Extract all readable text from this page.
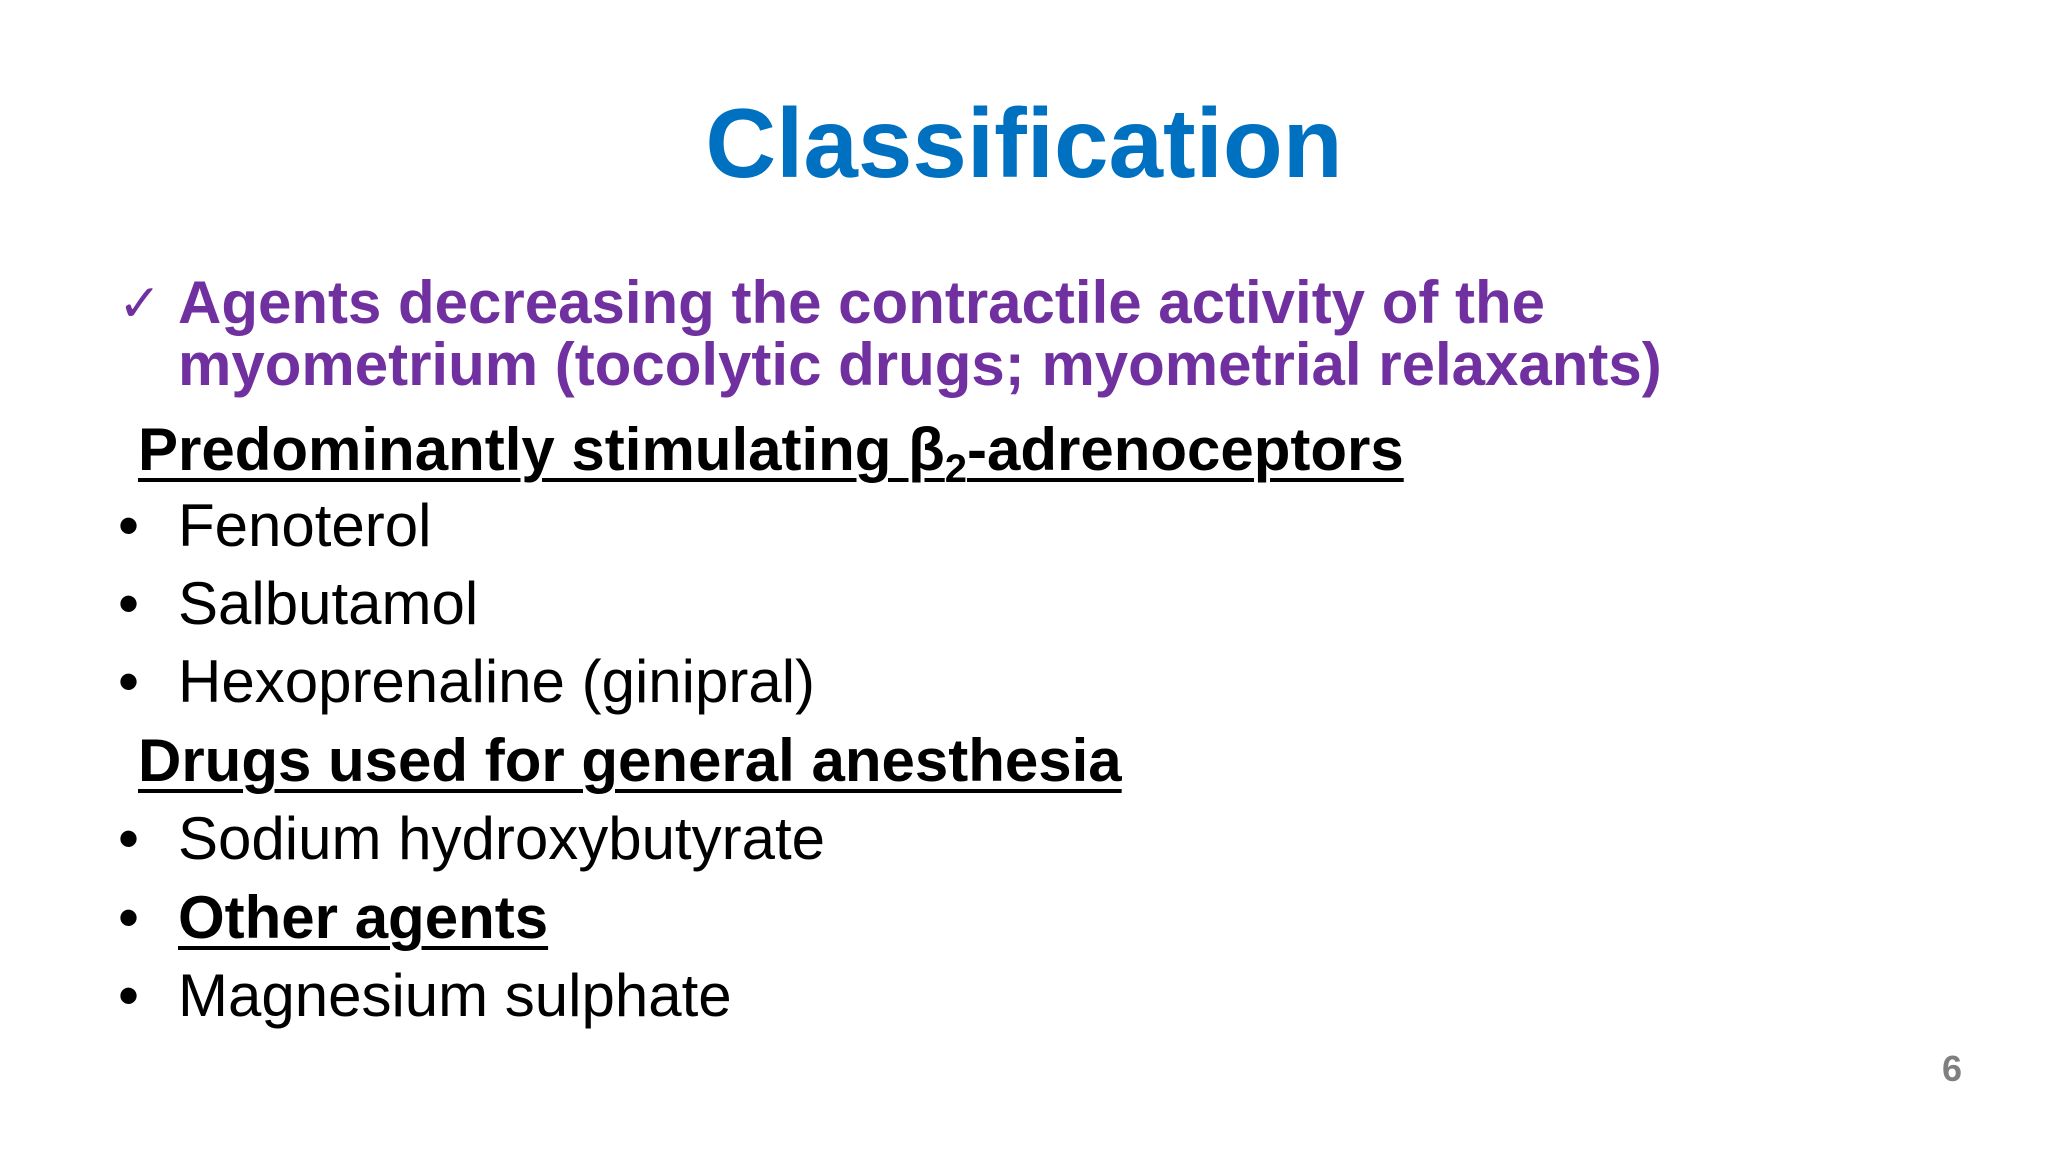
Classification
✓ Agents decreasing the contractile activity of the
myometrium (tocolytic drugs; myometrial relaxants)
Predominantly stimulating $\beta_2$-adrenoceptors
• Fenoterol
• Salbutamol
• Hexoprenaline (ginipral)
Drugs used for general anesthesia
• Sodium hydroxybutyrate
• Other agents
• Magnesium sulphate
6
